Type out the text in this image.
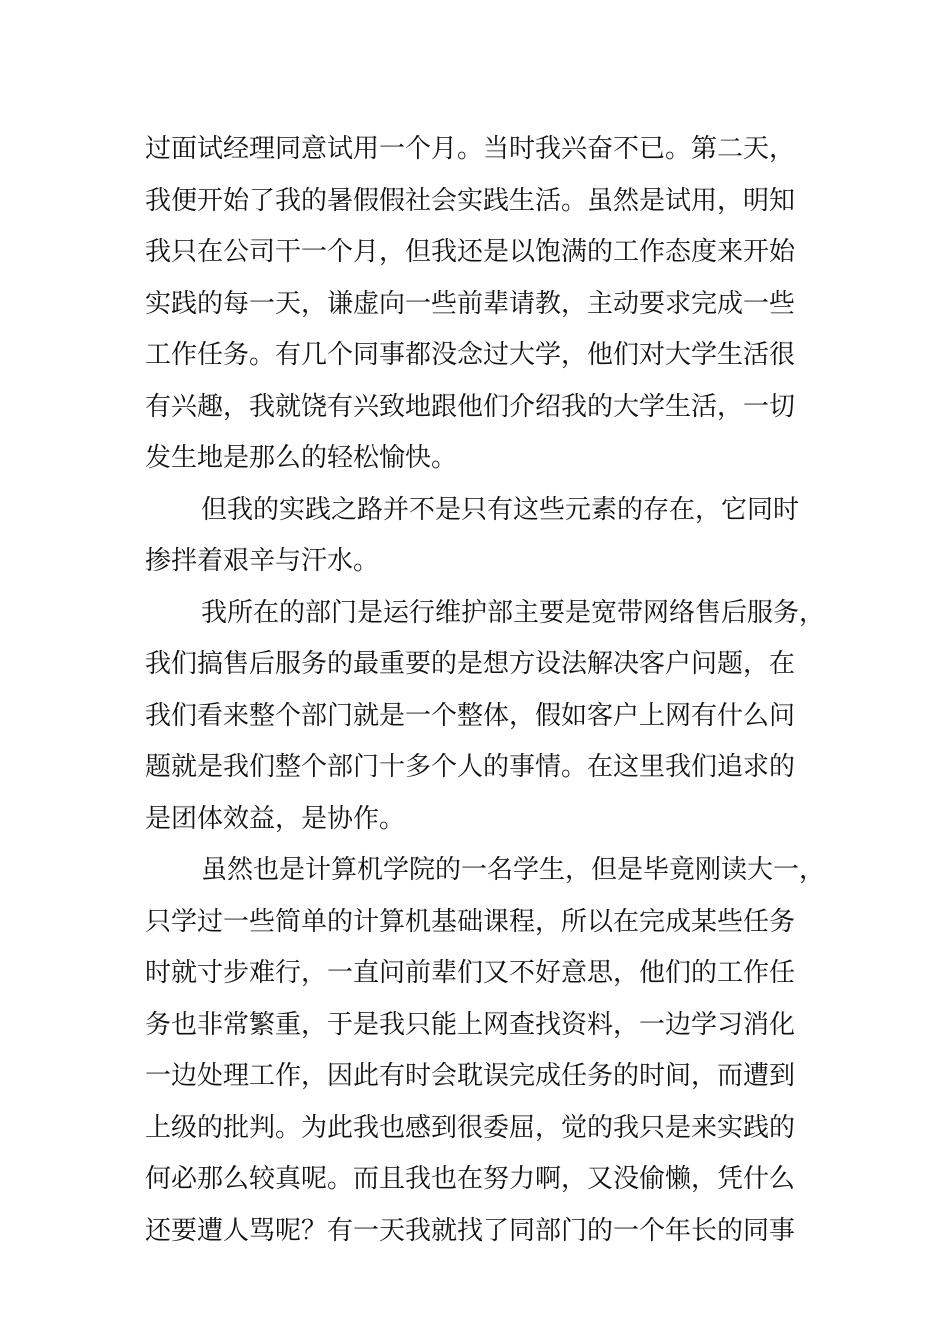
过面试经理同意试用一个月。当时我兴奋不已。第二天，
我便开始了我的暑假假社会实践生活。虽然是试用，明知
我只在公司干一个月，但我还是以饱满的工作态度来开始
实践的每一天，谦虚向一些前辈请教，主动要求完成一些
工作任务。有几个同事都没念过大学，他们对大学生活很
有兴趣，我就饶有兴致地跟他们介绍我的大学生活，一切
发生地是那么的轻松愉快。
但我的实践之路并不是只有这些元素的存在，它同时
掺拌着艰辛与汗水。
我所在的部门是运行维护部主要是宽带网络售后服务，
我们搞售后服务的最重要的是想方设法解决客户问题，在
我们看来整个部门就是一个整体，假如客户上网有什么问
题就是我们整个部门十多个人的事情。在这里我们追求的
是团体效益，是协作。
虽然也是计算机学院的一名学生，但是毕竟刚读大一，
只学过一些简单的计算机基础课程，所以在完成某些任务
时就寸步难行，一直问前辈们又不好意思，他们的工作任
务也非常繁重，于是我只能上网查找资料，一边学习消化
一边处理工作，因此有时会耽误完成任务的时间，而遭到
上级的批判。为此我也感到很委屈，觉的我只是来实践的
何必那么较真呢。而且我也在努力啊，又没偷懒，凭什么
还要遭人骂呢？有一天我就找了同部门的一个年长的同事
